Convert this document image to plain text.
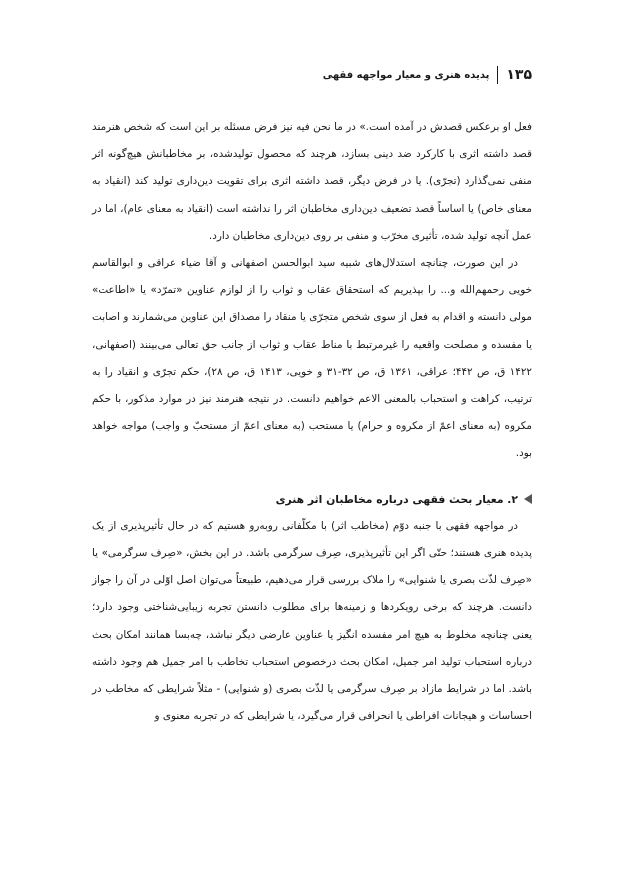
۱۳۵
پدیده هنری و معیار مواجهه فقهی

فعل او برعکس قصدش در آمده است.» در ما نحن فیه نیز فرض مسئله بر این است که شخص هنرمند قصد داشته اثری با کارکرد ضد دینی بسازد، هرچند که محصول تولیدشده، بر مخاطبانش هیچ‌گونه اثر منفی نمی‌گذارد (تجرّی). یا در فرض دیگر، قصد داشته اثری برای تقویت دین‌داری تولید کند (انقیاد به معنای خاص) یا اساساً قصد تضعیف دین‌داری مخاطبان اثر را نداشته است (انقیاد به معنای عام)، اما در عمل آنچه تولید شده، تأثیری مخرّب و منفی بر روی دین‌داری مخاطبان دارد.

در این صورت، چنانچه استدلال‌های شبیه سید ابوالحسن اصفهانی و آقا ضیاء عراقی و ابوالقاسم خویی رحمهم‌الله و... را بپذیریم که استحقاق عقاب و ثواب را از لوازم عناوین «تمرّد» یا «اطاعت» مولی دانسته و اقدام به فعل از سوی شخص متجرّی یا منقاد را مصداق این عناوین می‌شمارند و اصابت یا مفسده و مصلحت واقعیه را غیرمرتبط با مناط عقاب و ثواب از جانب حق تعالی می‌بینند (اصفهانی، ۱۴۲۲ ق، ص ۴۴۲؛ عراقی، ۱۳۶۱ ق، ص ۳۲-۳۱ و خویی، ۱۴۱۳ ق، ص ۲۸)، حکم تجرّی و انقیاد را به ترتیب، کراهت و استحباب بالمعنی الاعم خواهیم دانست. در نتیجه هنرمند نیز در موارد مذکور، با حکم مکروه (به معنای اعمّ از مکروه و حرام) یا مستحب (به معنای اعمّ از مستحبّ و واجب) مواجه خواهد بود.

۲. معیار بحث فقهی درباره مخاطبان اثر هنری

در مواجهه فقهی با جنبه دوّم (مخاطب اثر) با مکلّفانی روبه‌رو هستیم که در حال تأثیرپذیری از یک پدیده هنری هستند؛ حتّی اگر این تأثیرپذیری، صِرف سرگرمی باشد. در این بخش، «صِرف سرگرمی» یا «صِرف لذّت بصری یا شنوایی» را ملاک بررسی قرار می‌دهیم، طبیعتاً می‌توان اصل اوّلی در آن را جواز دانست. هرچند که برخی رویکردها و زمینه‌ها برای مطلوب دانستن تجربه زیبایی‌شناختی وجود دارد؛ یعنی چنانچه مخلوط به هیچ امر مفسده انگیز یا عناوین عارضی دیگر نباشد، چه‌بسا همانند امکان بحث درباره استحباب تولید امر جمیل، امکان بحث درخصوص استحباب تخاطب با امر جمیل هم وجود داشته باشد. اما در شرایط مازاد بر صِرف سرگرمی یا لذّت بصری (و شنوایی) - مثلاً شرایطی که مخاطب در احساسات و هیجانات افراطی یا انحرافی قرار می‌گیرد، یا شرایطی که در تجربه معنوی و
